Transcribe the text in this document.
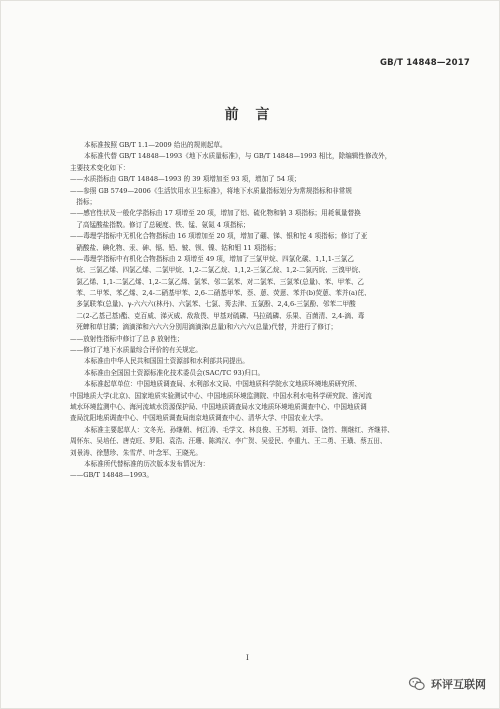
GB/T 14848—2017
前 言
本标准按照 GB/T 1.1—2009 给出的规则起草。
本标准代替 GB/T 14848—1993《地下水质量标准》，与 GB/T 14848—1993 相比，除编辑性修改外，
主要技术变化如下：
——水质指标由 GB/T 14848—1993 的 39 项增加至 93 项，增加了 54 项；
——参照 GB 5749—2006《生活饮用水卫生标准》，将地下水质量指标划分为常规指标和非常规
指标；
——感官性状及一般化学指标由 17 项增至 20 项，增加了铝、硫化物和钠 3 项指标；用耗氧量替换
了高锰酸盐指数。修订了总硬度、铁、锰、氨氮 4 项指标；
——毒理学指标中无机化合物指标由 16 项增加至 20 项，增加了硼、锑、银和铊 4 项指标；修订了亚
硝酸盐、碘化物、汞、砷、镉、铅、铍、钡、镍、钴和钼 11 项指标；
——毒理学指标中有机化合物指标由 2 项增至 49 项，增加了三氯甲烷、四氯化碳、1,1,1-三氯乙
烷、三氯乙烯、四氯乙烯、二氯甲烷、1,2-二氯乙烷、1,1,2-三氯乙烷、1,2-二氯丙烷、三溴甲烷、
氯乙烯、1,1-二氯乙烯、1,2-二氯乙烯、氯苯、邻二氯苯、对二氯苯、三氯苯(总量)、苯、甲苯、乙
苯、二甲苯、苯乙烯、2,4-二硝基甲苯、2,6-二硝基甲苯、萘、蒽、荧蒽、苯并(b)荧蒽、苯并(a)芘、
多氯联苯(总量)、γ-六六六(林丹)、六氯苯、七氯、莠去津、五氯酚、2,4,6-三氯酚、邻苯二甲酸
二(2-乙基己基)酯、克百威、涕灭威、敌敌畏、甲基对硫磷、马拉硫磷、乐果、百菌清、2,4-滴、毒
死蜱和草甘膦；滴滴涕和六六六分别用滴滴涕(总量)和六六六(总量)代替，并进行了修订；
——放射性指标中修订了总 β 放射性；
——修订了地下水质量综合评价的有关规定。
本标准由中华人民共和国国土资源部和水利部共同提出。
本标准由全国国土资源标准化技术委员会(SAC/TC 93)归口。
本标准起草单位：中国地质调查局、水利部水文局、中国地质科学院水文地质环境地质研究所、
中国地质大学(北京)、国家地质实验测试中心、中国地质环境监测院、中国水利水电科学研究院、淮河流
域水环境监测中心、海河流域水资源保护局、中国地质调查局水文地质环境地质调查中心、中国地质调
查局沈阳地质调查中心、中国地质调查局南京地质调查中心、清华大学、中国农业大学。
本标准主要起草人：文冬光、孙继朝、何江涛、毛学文、林良俊、王苏明、刘菲、饶竹、荆继红、齐继祥、
周怀东、吴培任、唐克旺、罗阳、袁浩、汪珊、陈鸿汉、李广贺、吴爱民、李重九、王二勇、王璜、蔡五田、
刘景涛、徐慧珍、朱雪芹、叶念军、王晓光。
本标准所代替标准的历次版本发布情况为：
——GB/T 14848—1993。
I
环评互联网
